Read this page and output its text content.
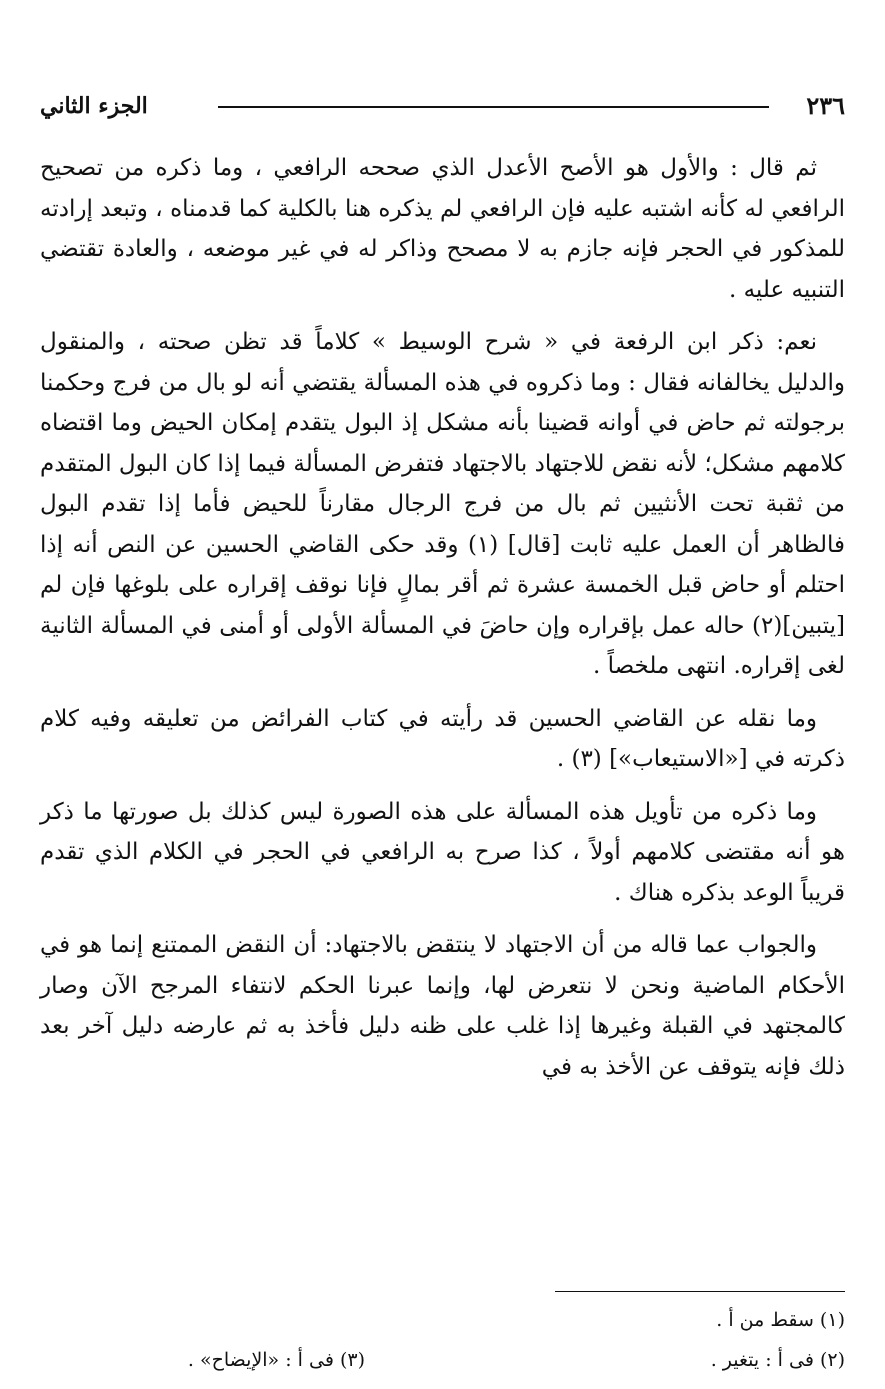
٢٣٦
الجزء الثاني

ثم قال : والأول هو الأصح الأعدل الذي صححه الرافعي ، وما ذكره من تصحيح الرافعي له كأنه اشتبه عليه فإن الرافعي لم يذكره هنا بالكلية كما قدمناه ، وتبعد إرادته للمذكور في الحجر فإنه جازم به لا مصحح وذاكر له في غير موضعه ، والعادة تقتضي التنبيه عليه .

نعم: ذكر ابن الرفعة في « شرح الوسيط » كلاماً قد تظن صحته ، والمنقول والدليل يخالفانه فقال : وما ذكروه في هذه المسألة يقتضي أنه لو بال من فرج وحكمنا برجولته ثم حاض في أوانه قضينا بأنه مشكل إذ البول يتقدم إمكان الحيض وما اقتضاه كلامهم مشكل؛ لأنه نقض للاجتهاد بالاجتهاد فتفرض المسألة فيما إذا كان البول المتقدم من ثقبة تحت الأنثيين ثم بال من فرج الرجال مقارناً للحيض فأما إذا تقدم البول فالظاهر أن العمل عليه ثابت [قال] (١) وقد حكى القاضي الحسين عن النص أنه إذا احتلم أو حاض قبل الخمسة عشرة ثم أقر بمالٍ فإنا نوقف إقراره على بلوغها فإن لم [يتبين](٢) حاله عمل بإقراره وإن حاضَ في المسألة الأولى أو أمنى في المسألة الثانية لغى إقراره. انتهى ملخصاً .

وما نقله عن القاضي الحسين قد رأيته في كتاب الفرائض من تعليقه وفيه كلام ذكرته في [«الاستيعاب»] (٣) .

وما ذكره من تأويل هذه المسألة على هذه الصورة ليس كذلك بل صورتها ما ذكر هو أنه مقتضى كلامهم أولاً ، كذا صرح به الرافعي في الحجر في الكلام الذي تقدم قريباً الوعد بذكره هناك .

والجواب عما قاله من أن الاجتهاد لا ينتقض بالاجتهاد: أن النقض الممتنع إنما هو في الأحكام الماضية ونحن لا نتعرض لها، وإنما عبرنا الحكم لانتفاء المرجح الآن وصار كالمجتهد في القبلة وغيرها إذا غلب على ظنه دليل فأخذ به ثم عارضه دليل آخر بعد ذلك فإنه يتوقف عن الأخذ به في

(١) سقط من أ .
(٢) فى أ : يتغير .
(٣) فى أ : «الإيضاح» .
